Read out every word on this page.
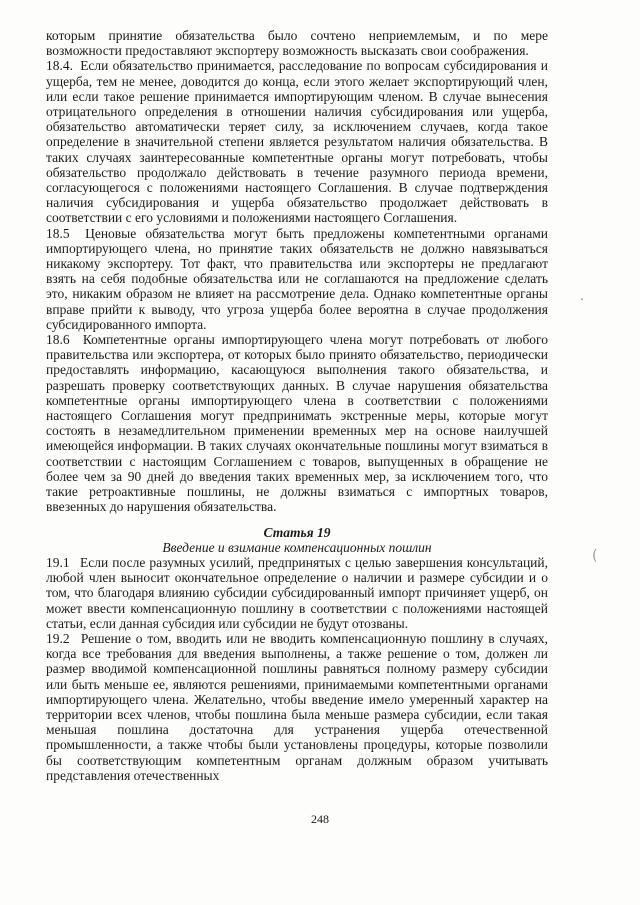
которым принятие обязательства было сочтено неприемлемым, и по мере возможности предоставляют экспортеру возможность высказать свои соображения.

18.4. Если обязательство принимается, расследование по вопросам субсидирования и ущерба, тем не менее, доводится до конца, если этого желает экспортирующий член, или если такое решение принимается импортирующим членом. В случае вынесения отрицательного определения в отношении наличия субсидирования или ущерба, обязательство автоматически теряет силу, за исключением случаев, когда такое определение в значительной степени является результатом наличия обязательства. В таких случаях заинтересованные компетентные органы могут потребовать, чтобы обязательство продолжало действовать в течение разумного периода времени, согласующегося с положениями настоящего Соглашения. В случае подтверждения наличия субсидирования и ущерба обязательство продолжает действовать в соответствии с его условиями и положениями настоящего Соглашения.

18.5 Ценовые обязательства могут быть предложены компетентными органами импортирующего члена, но принятие таких обязательств не должно навязываться никакому экспортеру. Тот факт, что правительства или экспортеры не предлагают взять на себя подобные обязательства или не соглашаются на предложение сделать это, никаким образом не влияет на рассмотрение дела. Однако компетентные органы вправе прийти к выводу, что угроза ущерба более вероятна в случае продолжения субсидированного импорта.

18.6 Компетентные органы импортирующего члена могут потребовать от любого правительства или экспортера, от которых было принято обязательство, периодически предоставлять информацию, касающуюся выполнения такого обязательства, и разрешать проверку соответствующих данных. В случае нарушения обязательства компетентные органы импортирующего члена в соответствии с положениями настоящего Соглашения могут предпринимать экстренные меры, которые могут состоять в незамедлительном применении временных мер на основе наилучшей имеющейся информации. В таких случаях окончательные пошлины могут взиматься в соответствии с настоящим Соглашением с товаров, выпущенных в обращение не более чем за 90 дней до введения таких временных мер, за исключением того, что такие ретроактивные пошлины, не должны взиматься с импортных товаров, ввезенных до нарушения обязательства.

Статья 19
Введение и взимание компенсационных пошлин

19.1 Если после разумных усилий, предпринятых с целью завершения консультаций, любой член выносит окончательное определение о наличии и размере субсидии и о том, что благодаря влиянию субсидии субсидированный импорт причиняет ущерб, он может ввести компенсационную пошлину в соответствии с положениями настоящей статьи, если данная субсидия или субсидии не будут отозваны.

19.2 Решение о том, вводить или не вводить компенсационную пошлину в случаях, когда все требования для введения выполнены, а также решение о том, должен ли размер вводимой компенсационной пошлины равняться полному размеру субсидии или быть меньше ее, являются решениями, принимаемыми компетентными органами импортирующего члена. Желательно, чтобы введение имело умеренный характер на территории всех членов, чтобы пошлина была меньше размера субсидии, если такая меньшая пошлина достаточна для устранения ущерба отечественной промышленности, а также чтобы были установлены процедуры, которые позволили бы соответствующим компетентным органам должным образом учитывать представления отечественных

248
⸳
(
